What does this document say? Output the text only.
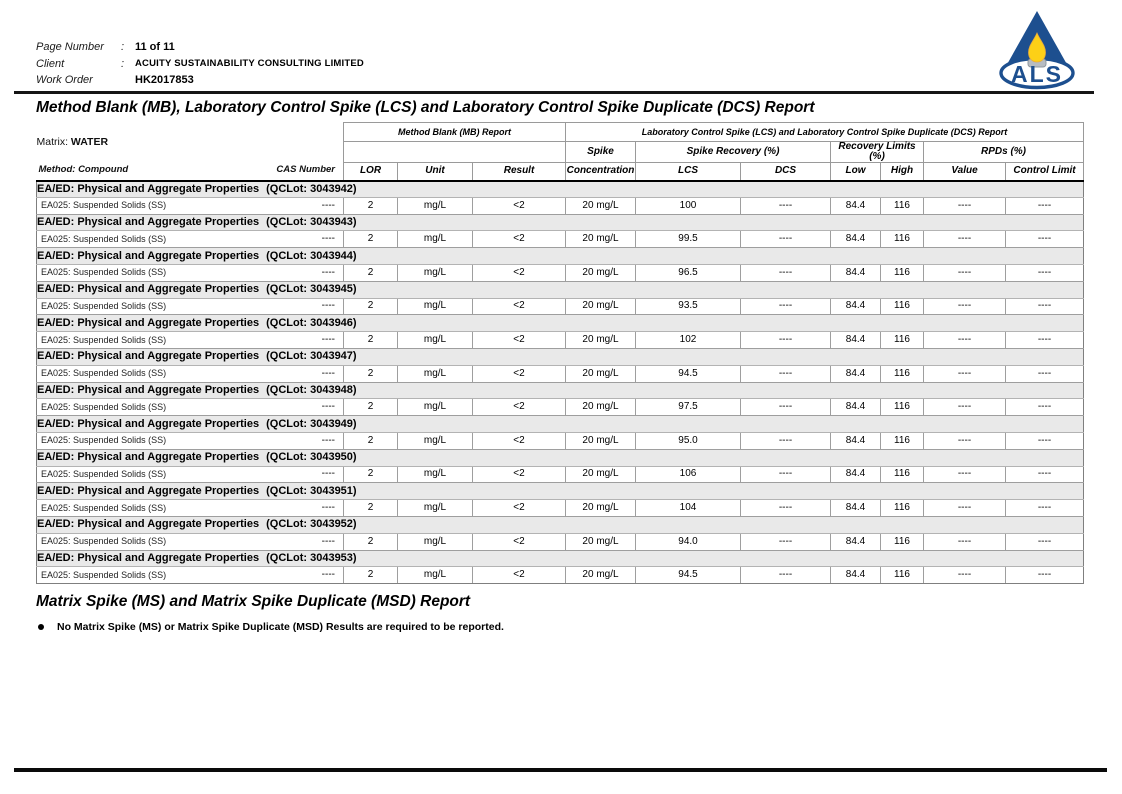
Page Number	: 11 of 11
Client	:	ACUITY SUSTAINABILITY CONSULTING LIMITED
Work Order	HK2017853	ALS
Method Blank (MB), Laboratory Control Spike (LCS) and Laboratory Control Spike Duplicate (DCS) Report
Matrix: WATER	Method Blank (MB) Report			Laboratory Control Spike (LCS) and Laboratory Control Spike Duplicate (DCS) Report						
				Spike	Spike Recovery (%)		Recovery Limits (%)		RPDs (%)	

Method: Compound CAS Number	LOR	Unit	Result	Concentration	LCS	DCS	Low	High	Value	Control Limit
EA/ED: Physical and Aggregate Properties (QCLot: 3043942)										

EA025: Suspended Solids (SS) ----	2	mg/L	<2	20 mg/L	100	----	84.4	116	----	----
EA/ED: Physical and Aggregate Properties (QCLot: 3043943)										

EA025: Suspended Solids (SS) ----	2	mg/L	<2	20 mg/L	99.5	----	84.4	116	----	----
EA/ED: Physical and Aggregate Properties (QCLot: 3043944)										

EA025: Suspended Solids (SS) ----	2	mg/L	<2	20 mg/L	96.5	----	84.4	116	----	----
EA/ED: Physical and Aggregate Properties (QCLot: 3043945)										

EA025: Suspended Solids (SS) ----	2	mg/L	<2	20 mg/L	93.5	----	84.4	116	----	----
EA/ED: Physical and Aggregate Properties (QCLot: 3043946)										

EA025: Suspended Solids (SS) ----	2	mg/L	<2	20 mg/L	102	----	84.4	116	----	----
EA/ED: Physical and Aggregate Properties (QCLot: 3043947)										

EA025: Suspended Solids (SS) ----	2	mg/L	<2	20 mg/L	94.5	----	84.4	116	----	----
EA/ED: Physical and Aggregate Properties (QCLot: 3043948)										

EA025: Suspended Solids (SS) ----	2	mg/L	<2	20 mg/L	97.5	----	84.4	116	----	----
EA/ED: Physical and Aggregate Properties (QCLot: 3043949)										

EA025: Suspended Solids (SS) ----	2	mg/L	<2	20 mg/L	95.0	----	84.4	116	----	----
EA/ED: Physical and Aggregate Properties (QCLot: 3043950)										

EA025: Suspended Solids (SS) ----	2	mg/L	<2	20 mg/L	106	----	84.4	116	----	----
EA/ED: Physical and Aggregate Properties (QCLot: 3043951)										

EA025: Suspended Solids (SS) ----	2	mg/L	<2	20 mg/L	104	----	84.4	116	----	----
EA/ED: Physical and Aggregate Properties (QCLot: 3043952)										

EA025: Suspended Solids (SS) ----	2	mg/L	<2	20 mg/L	94.0	----	84.4	116	----	----
EA/ED: Physical and Aggregate Properties (QCLot: 3043953)										

EA025: Suspended Solids (SS) ----	2	mg/L	<2	20 mg/L	94.5	----	84.4	116	----	----
Matrix Spike (MS) and Matrix Spike Duplicate (MSD) Report
No Matrix Spike (MS) or Matrix Spike Duplicate (MSD) Results are required to be reported.
